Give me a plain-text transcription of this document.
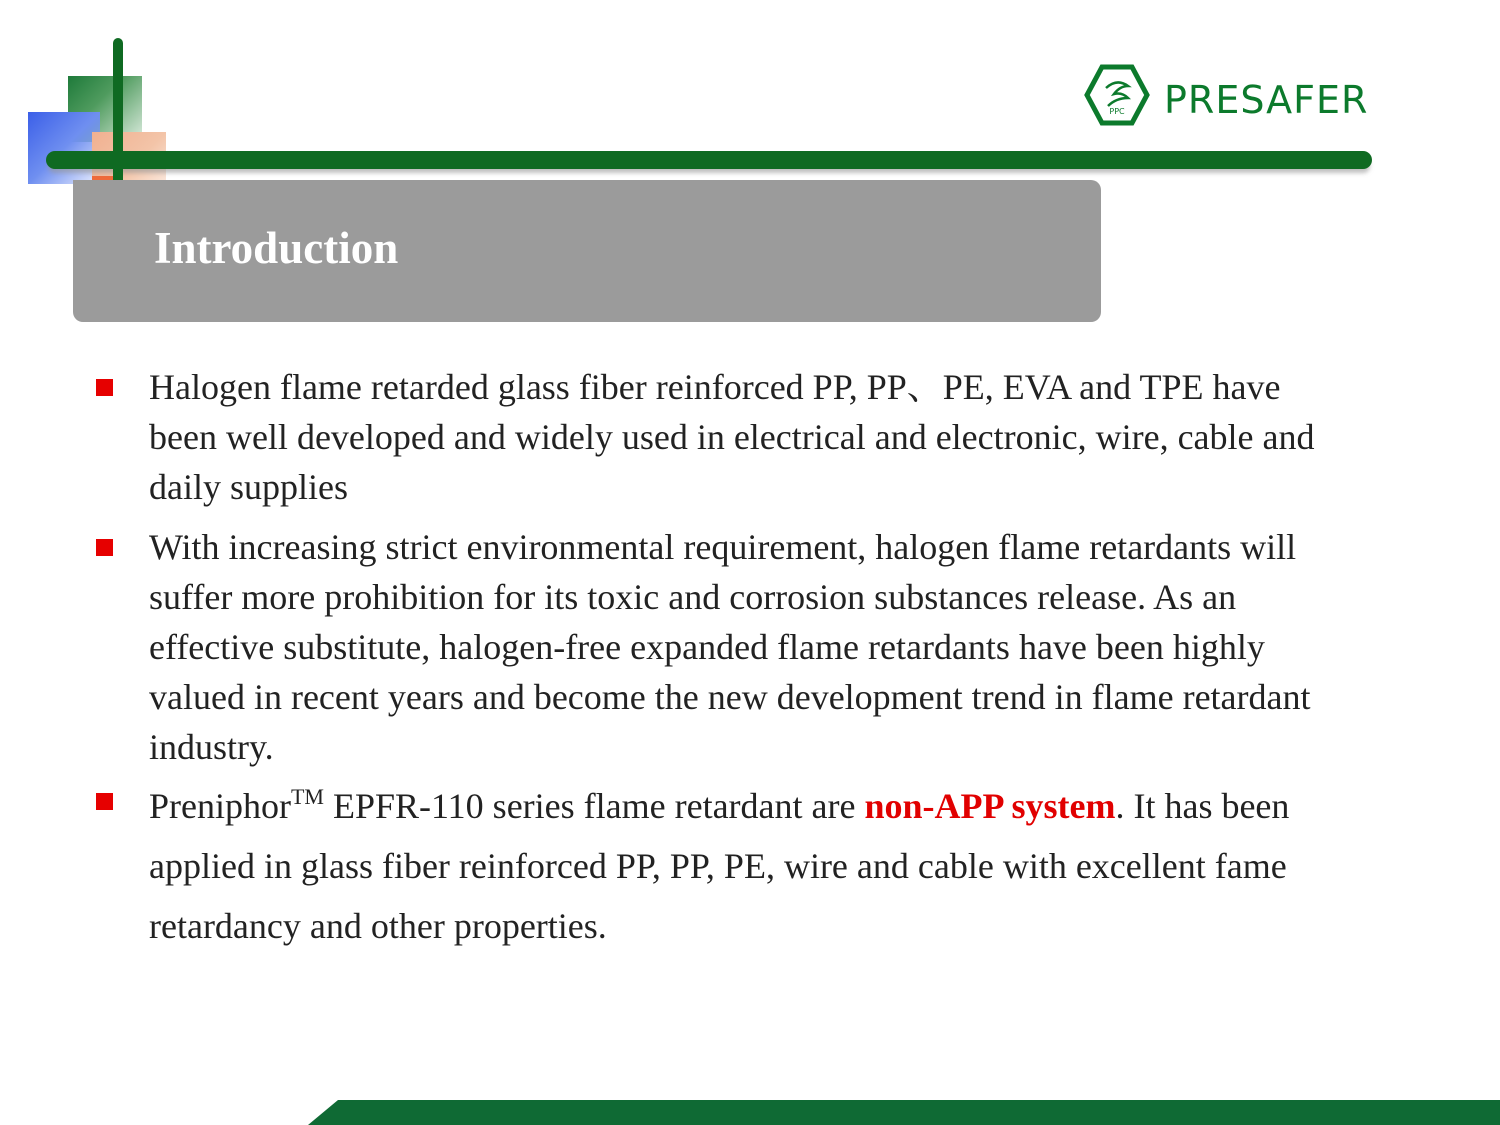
PPC PRESAFER
Introduction
Halogen flame retarded glass fiber reinforced PP, PP、PE, EVA and TPE have been well developed and widely used in electrical and electronic, wire, cable and daily supplies
With increasing strict environmental requirement, halogen flame retardants will suffer more prohibition for its toxic and corrosion substances release. As an effective substitute, halogen-free expanded flame retardants have been highly valued in recent years and become the new development trend in flame retardant industry.
Preniphor™ EPFR-110 series flame retardant are non-APP system. It has been applied in glass fiber reinforced PP, PP, PE, wire and cable with excellent fame retardancy and other properties.
